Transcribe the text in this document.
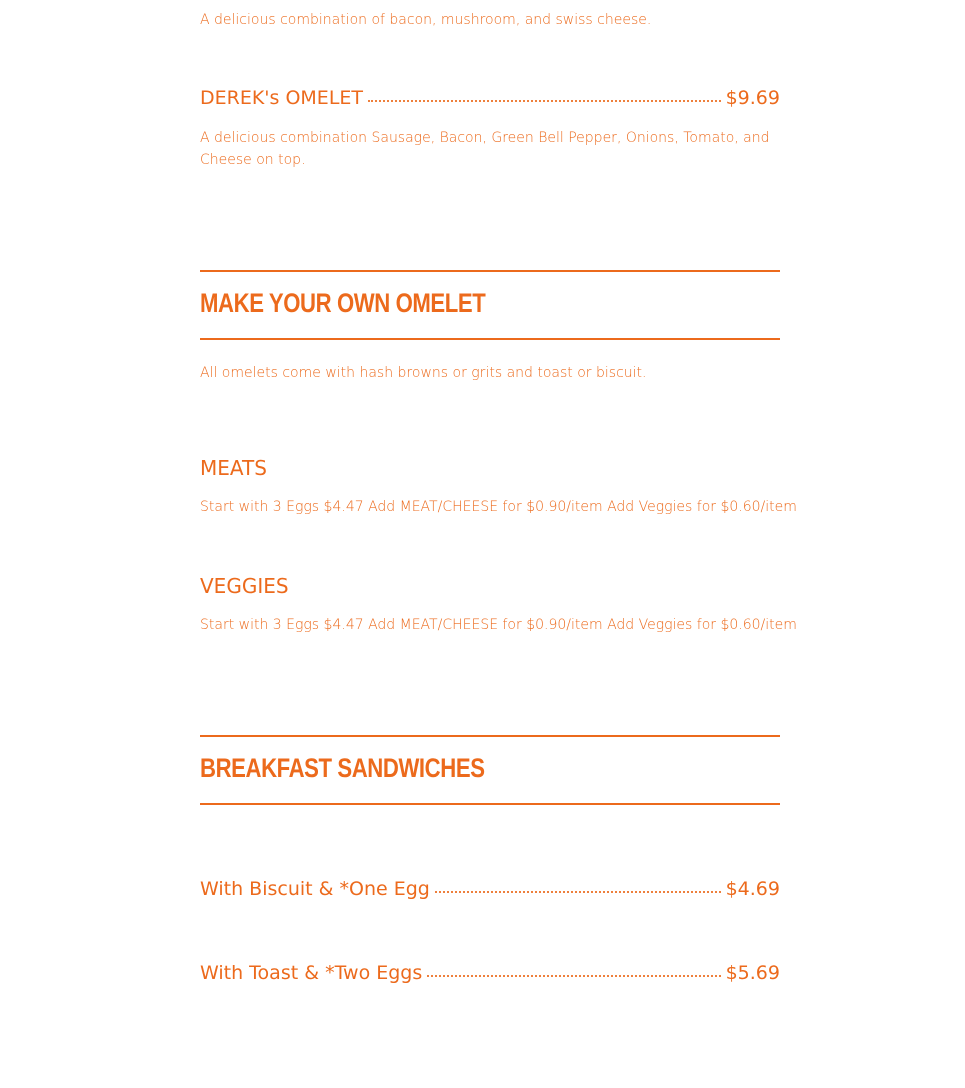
A delicious combination of bacon, mushroom, and swiss cheese.
DEREK's OMELET	$9.69
A delicious combination Sausage, Bacon, Green Bell Pepper, Onions, Tomato, and Cheese on top.
MAKE YOUR OWN OMELET
All omelets come with hash browns or grits and toast or biscuit.
MEATS
Start with 3 Eggs $4.47 Add MEAT/CHEESE for $0.90/item Add Veggies for $0.60/item
VEGGIES
Start with 3 Eggs $4.47 Add MEAT/CHEESE for $0.90/item Add Veggies for $0.60/item
BREAKFAST SANDWICHES
With Biscuit & *One Egg	$4.69
With Toast & *Two Eggs	$5.69
